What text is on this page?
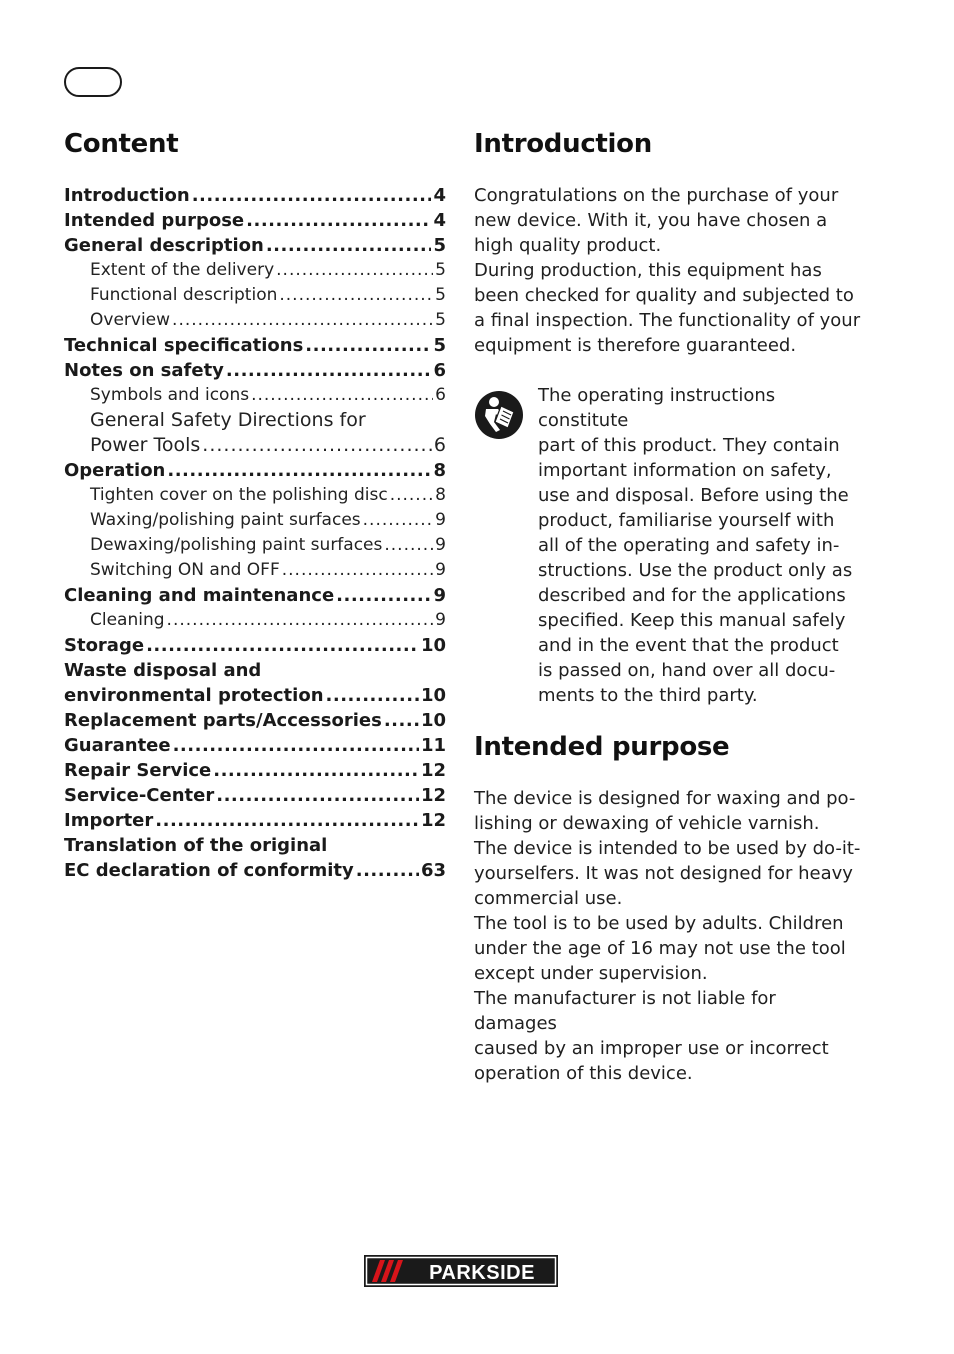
Content
Introduction .....	4
Intended purpose .....	4
General description .....	5
Extent of the delivery .....	5
Functional description .....	5
Overview .....	5
Technical specifications .....	5
Notes on safety .....	6
Symbols and icons .....	6
General Safety Directions for
Power Tools .....	6
Operation .....	8
Tighten cover on the polishing disc .....	8
Waxing/polishing paint surfaces .....	9
Dewaxing/polishing paint surfaces .....	9
Switching ON and OFF .....	9
Cleaning and maintenance .....	9
Cleaning .....	9
Storage .....	10
Waste disposal and
environmental protection .....	10
Replacement parts/Accessories ..... 10
Guarantee .....	11
Repair Service .....	12
Service-Center .....	12
Importer .....	12
Translation of the original
EC declaration of conformity .....	63
Introduction
Congratulations on the purchase of your
new device. With it, you have chosen a
high quality product.
During production, this equipment has
been checked for quality and subjected to
a final inspection. The functionality of your
equipment is therefore guaranteed.
The operating instructions constitute
part of this product. They contain
important information on safety,
use and disposal. Before using the
product, familiarise yourself with
all of the operating and safety in-
structions. Use the product only as
described and for the applications
specified. Keep this manual safely
and in the event that the product
is passed on, hand over all docu-
ments to the third party.
Intended purpose
The device is designed for waxing and po-
lishing or dewaxing of vehicle varnish.
The device is intended to be used by do-it-
yourselfers. It was not designed for heavy
commercial use.
The tool is to be used by adults. Children
under the age of 16 may not use the tool
except under supervision.
The manufacturer is not liable for damages
caused by an improper use or incorrect
operation of this device.
PARKSIDE
